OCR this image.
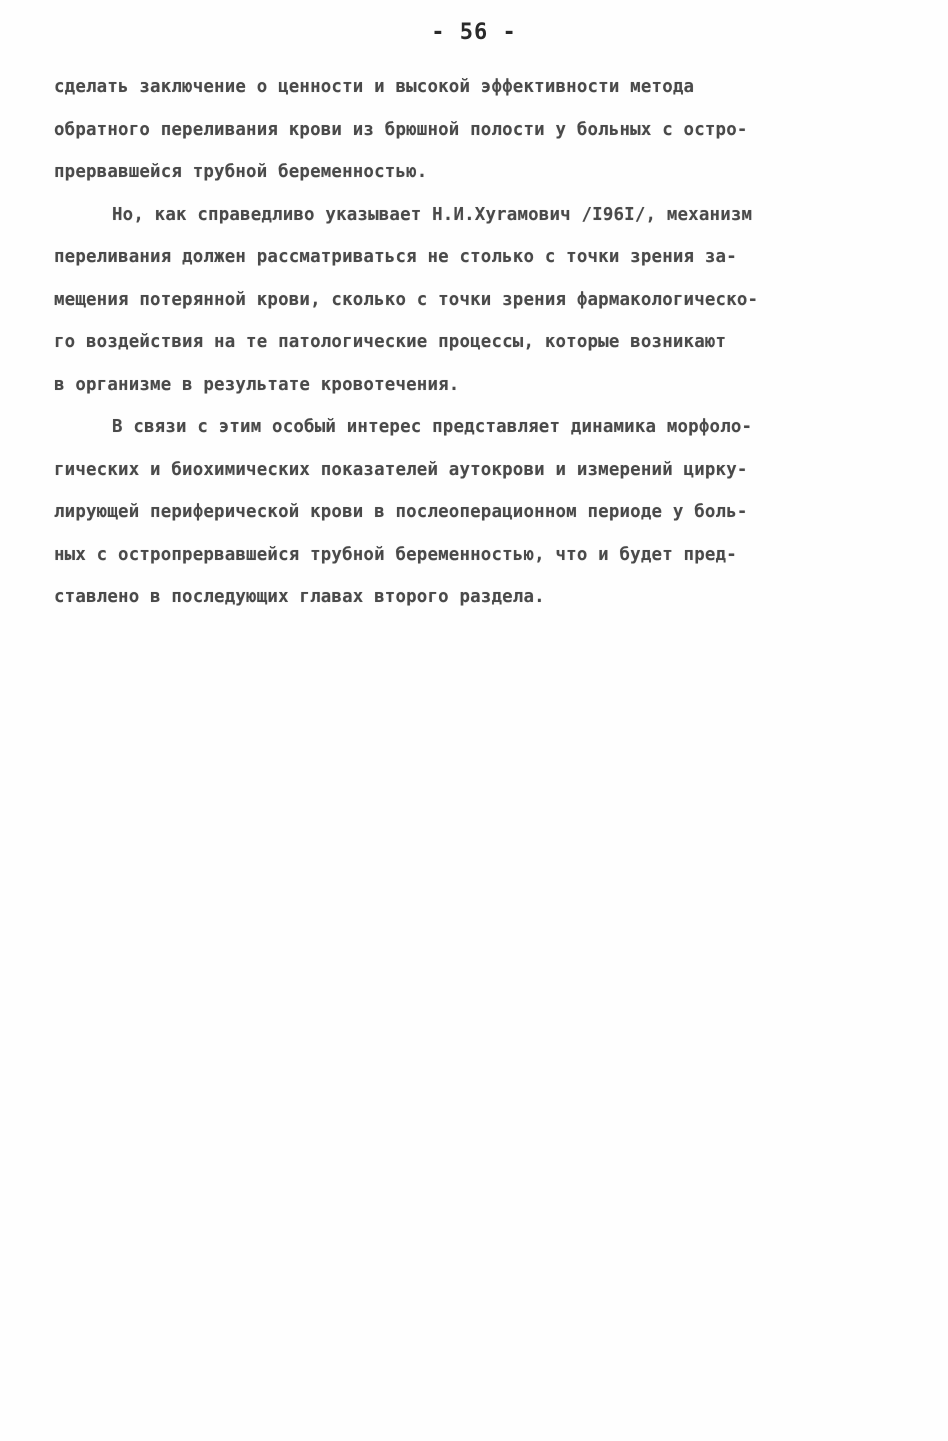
- 56 -
сделать заключение о ценности и высокой эффективности метода
обратного переливания крови из брюшной полости у больных с остро-
прервавшейся трубной беременностью.
Но, как справедливо указывает Н.И.Хуrамович /I96I/, механизм
переливания должен рассматриваться не столько с точки зрения за-
мещения потерянной крови, сколько с точки зрения фармакологическо-
го воздействия на те патологические процессы, которые возникают
в организме в результате кровотечения.
В связи с этим особый интерес представляет динамика морфоло-
гических и биохимических показателей аутокрови и измерений цирку-
лирующей периферической крови в послеоперационном периоде у боль-
ных с остропрервавшейся трубной беременностью, что и будет пред-
ставлено в последующих главах второго раздела.
